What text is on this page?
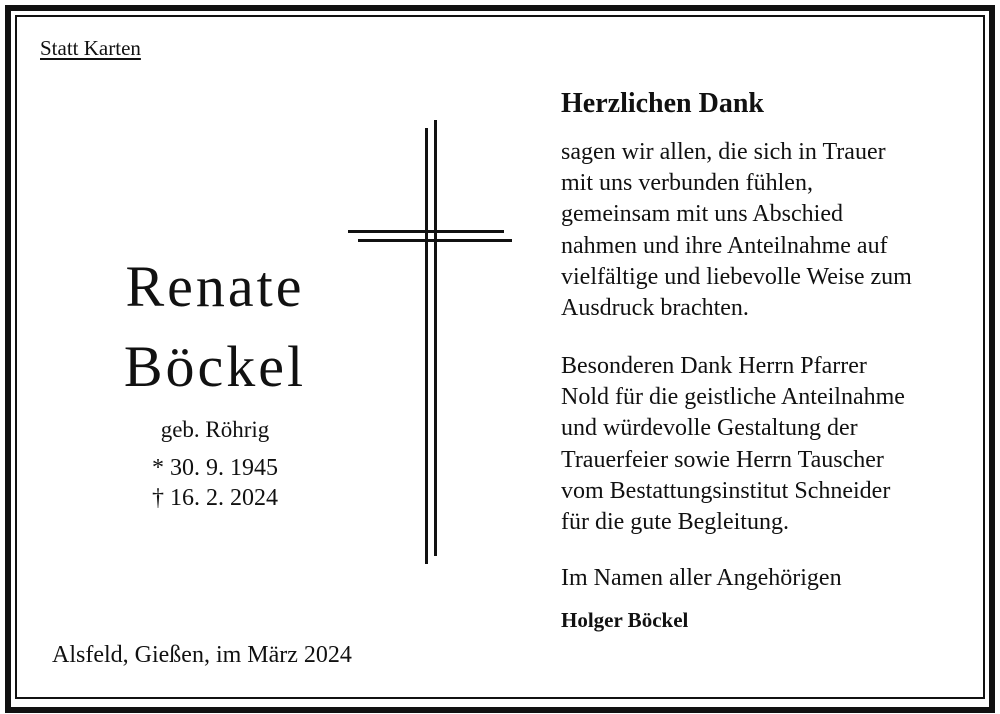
Statt Karten
Renate
Böckel
geb. Röhrig
* 30. 9. 1945
† 16. 2. 2024
Alsfeld, Gießen, im März 2024
Herzlichen Dank
sagen wir allen, die sich in Trauer
mit uns verbunden fühlen,
gemeinsam mit uns Abschied
nahmen und ihre Anteilnahme auf
vielfältige und liebevolle Weise zum
Ausdruck brachten.
Besonderen Dank Herrn Pfarrer
Nold für die geistliche Anteilnahme
und würdevolle Gestaltung der
Trauerfeier sowie Herrn Tauscher
vom Bestattungsinstitut Schneider
für die gute Begleitung.
Im Namen aller Angehörigen
Holger Böckel
